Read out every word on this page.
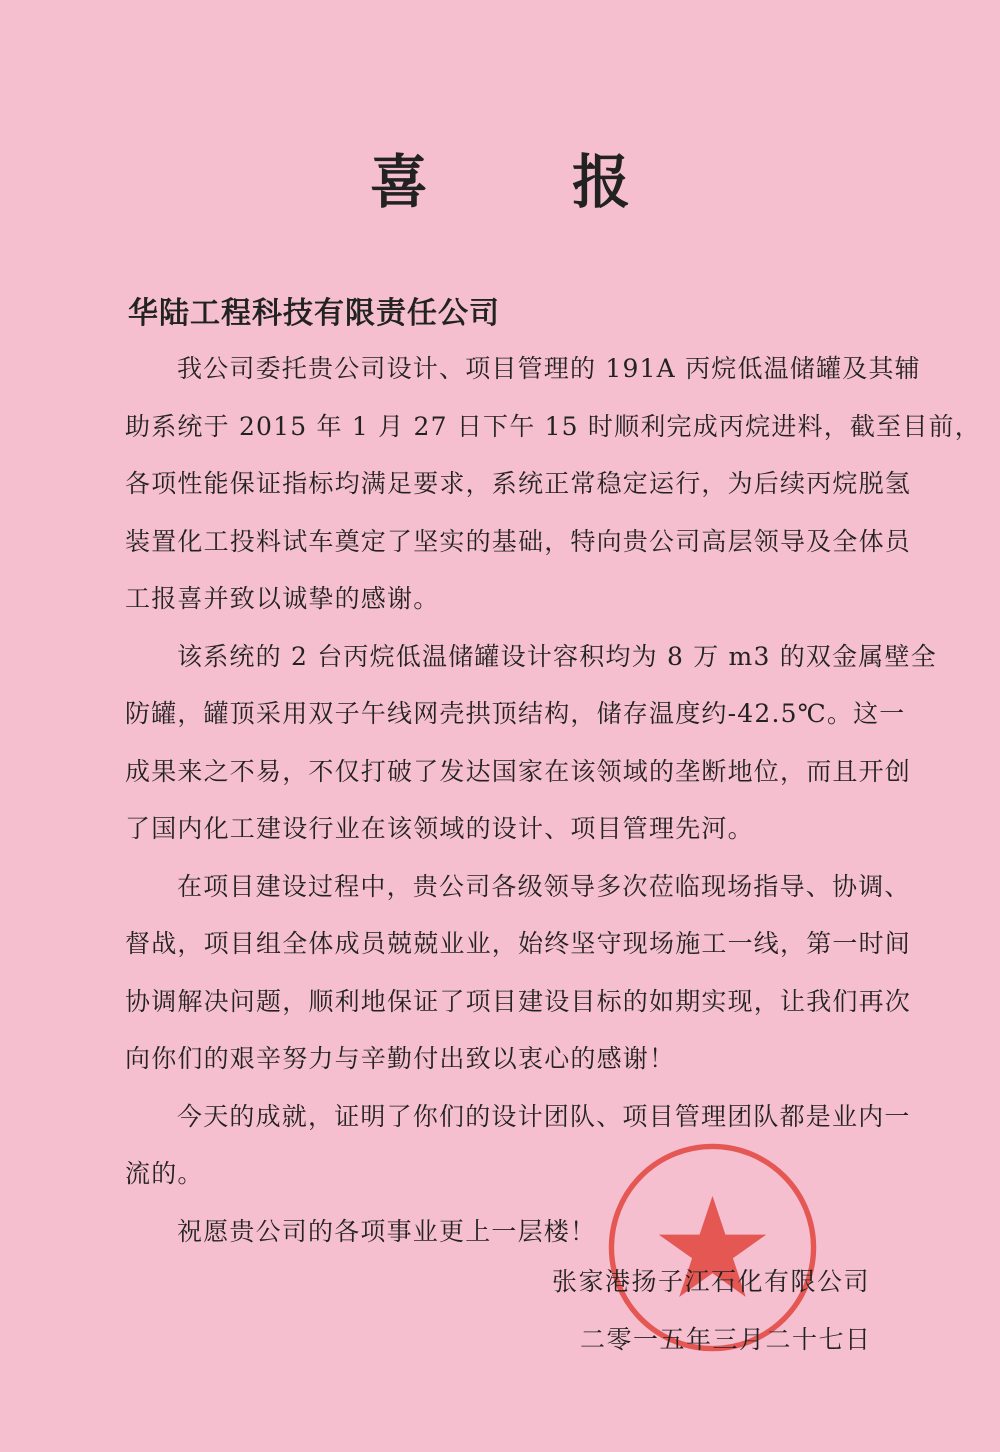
喜 报
华陆工程科技有限责任公司
我公司委托贵公司设计、项目管理的 191A 丙烷低温储罐及其辅
助系统于 2015 年 1 月 27 日下午 15 时顺利完成丙烷进料，截至目前，
各项性能保证指标均满足要求，系统正常稳定运行，为后续丙烷脱氢
装置化工投料试车奠定了坚实的基础，特向贵公司高层领导及全体员
工报喜并致以诚挚的感谢。
该系统的 2 台丙烷低温储罐设计容积均为 8 万 m3 的双金属壁全
防罐，罐顶采用双子午线网壳拱顶结构，储存温度约-42.5℃。这一
成果来之不易，不仅打破了发达国家在该领域的垄断地位，而且开创
了国内化工建设行业在该领域的设计、项目管理先河。
在项目建设过程中，贵公司各级领导多次莅临现场指导、协调、
督战，项目组全体成员兢兢业业，始终坚守现场施工一线，第一时间
协调解决问题，顺利地保证了项目建设目标的如期实现，让我们再次
向你们的艰辛努力与辛勤付出致以衷心的感谢！
今天的成就，证明了你们的设计团队、项目管理团队都是业内一
流的。
祝愿贵公司的各项事业更上一层楼！
张家港扬子江石化有限公司
二零一五年三月二十七日
